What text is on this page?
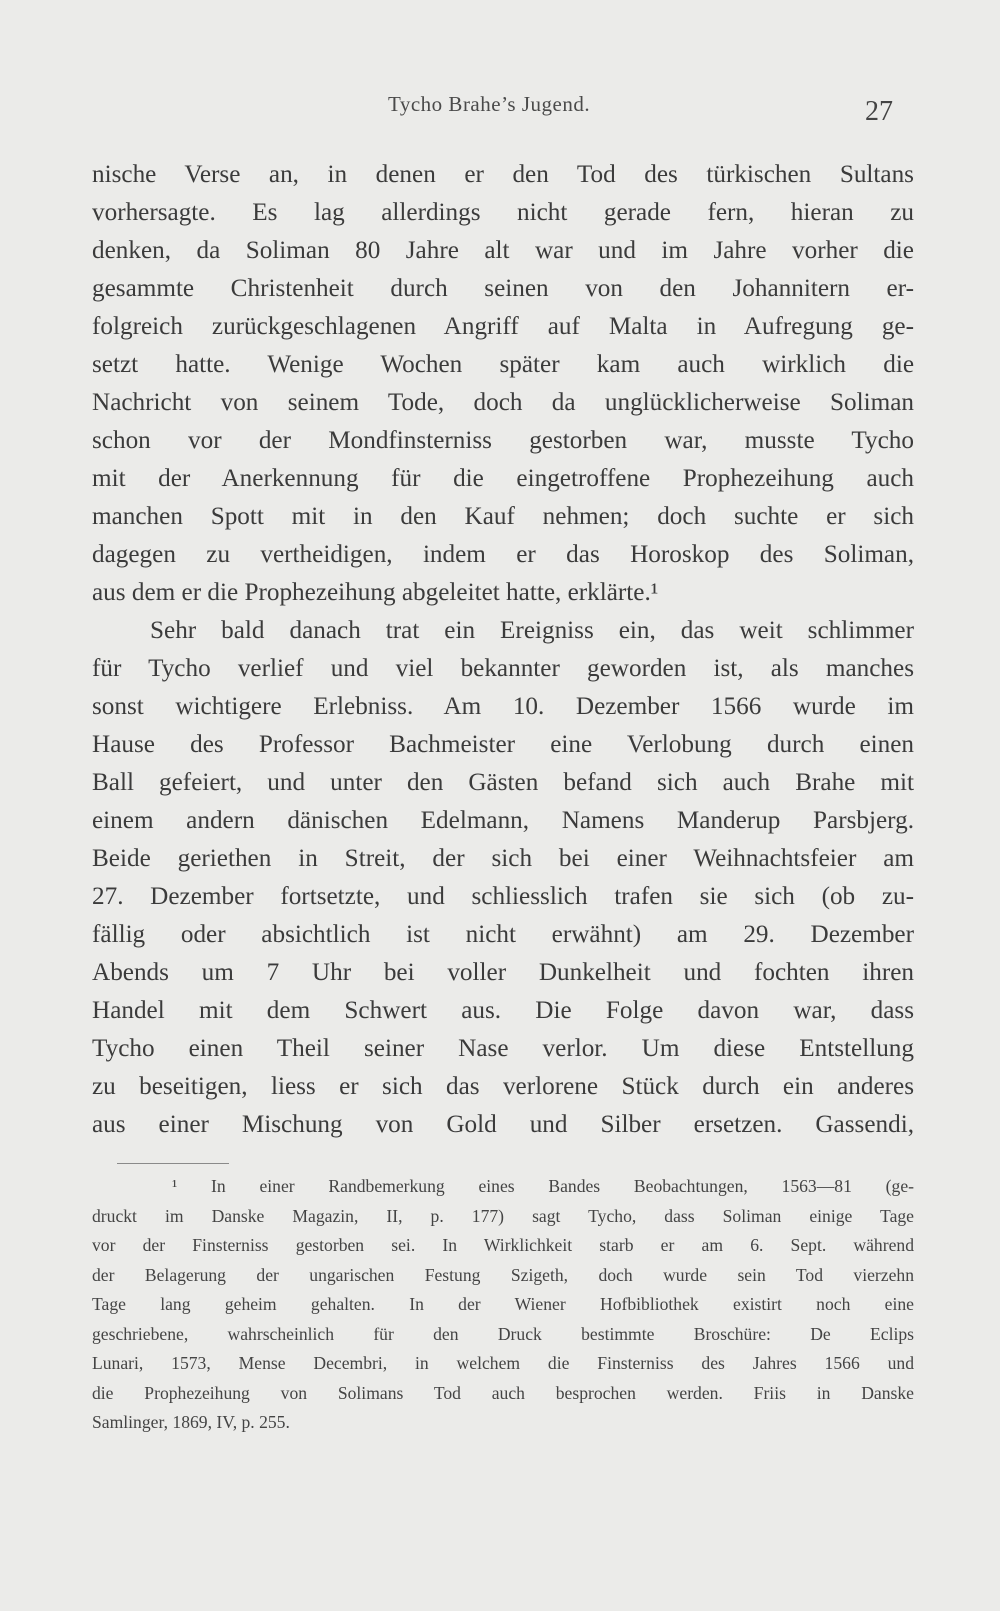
Tycho Brahe’s Jugend.	27
nische Verse an, in denen er den Tod des türkischen Sultans
vorhersagte. Es lag allerdings nicht gerade fern, hieran zu
denken, da Soliman 80 Jahre alt war und im Jahre vorher die
gesammte Christenheit durch seinen von den Johannitern er-
folgreich zurückgeschlagenen Angriff auf Malta in Aufregung ge-
setzt hatte. Wenige Wochen später kam auch wirklich die
Nachricht von seinem Tode, doch da unglücklicherweise Soliman
schon vor der Mondfinsterniss gestorben war, musste Tycho
mit der Anerkennung für die eingetroffene Prophezeihung auch
manchen Spott mit in den Kauf nehmen; doch suchte er sich
dagegen zu vertheidigen, indem er das Horoskop des Soliman,
aus dem er die Prophezeihung abgeleitet hatte, erklärte.¹
Sehr bald danach trat ein Ereigniss ein, das weit schlimmer
für Tycho verlief und viel bekannter geworden ist, als manches
sonst wichtigere Erlebniss. Am 10. Dezember 1566 wurde im
Hause des Professor Bachmeister eine Verlobung durch einen
Ball gefeiert, und unter den Gästen befand sich auch Brahe mit
einem andern dänischen Edelmann, Namens Manderup Parsbjerg.
Beide geriethen in Streit, der sich bei einer Weihnachtsfeier am
27. Dezember fortsetzte, und schliesslich trafen sie sich (ob zu-
fällig oder absichtlich ist nicht erwähnt) am 29. Dezember
Abends um 7 Uhr bei voller Dunkelheit und fochten ihren
Handel mit dem Schwert aus. Die Folge davon war, dass
Tycho einen Theil seiner Nase verlor. Um diese Entstellung
zu beseitigen, liess er sich das verlorene Stück durch ein anderes
aus einer Mischung von Gold und Silber ersetzen. Gassendi,
¹ In einer Randbemerkung eines Bandes Beobachtungen, 1563—81 (ge-
druckt im Danske Magazin, II, p. 177) sagt Tycho, dass Soliman einige Tage
vor der Finsterniss gestorben sei. In Wirklichkeit starb er am 6. Sept. während
der Belagerung der ungarischen Festung Szigeth, doch wurde sein Tod vierzehn
Tage lang geheim gehalten. In der Wiener Hofbibliothek existirt noch eine
geschriebene, wahrscheinlich für den Druck bestimmte Broschüre: De Eclips
Lunari, 1573, Mense Decembri, in welchem die Finsterniss des Jahres 1566 und
die Prophezeihung von Solimans Tod auch besprochen werden. Friis in Danske
Samlinger, 1869, IV, p. 255.
